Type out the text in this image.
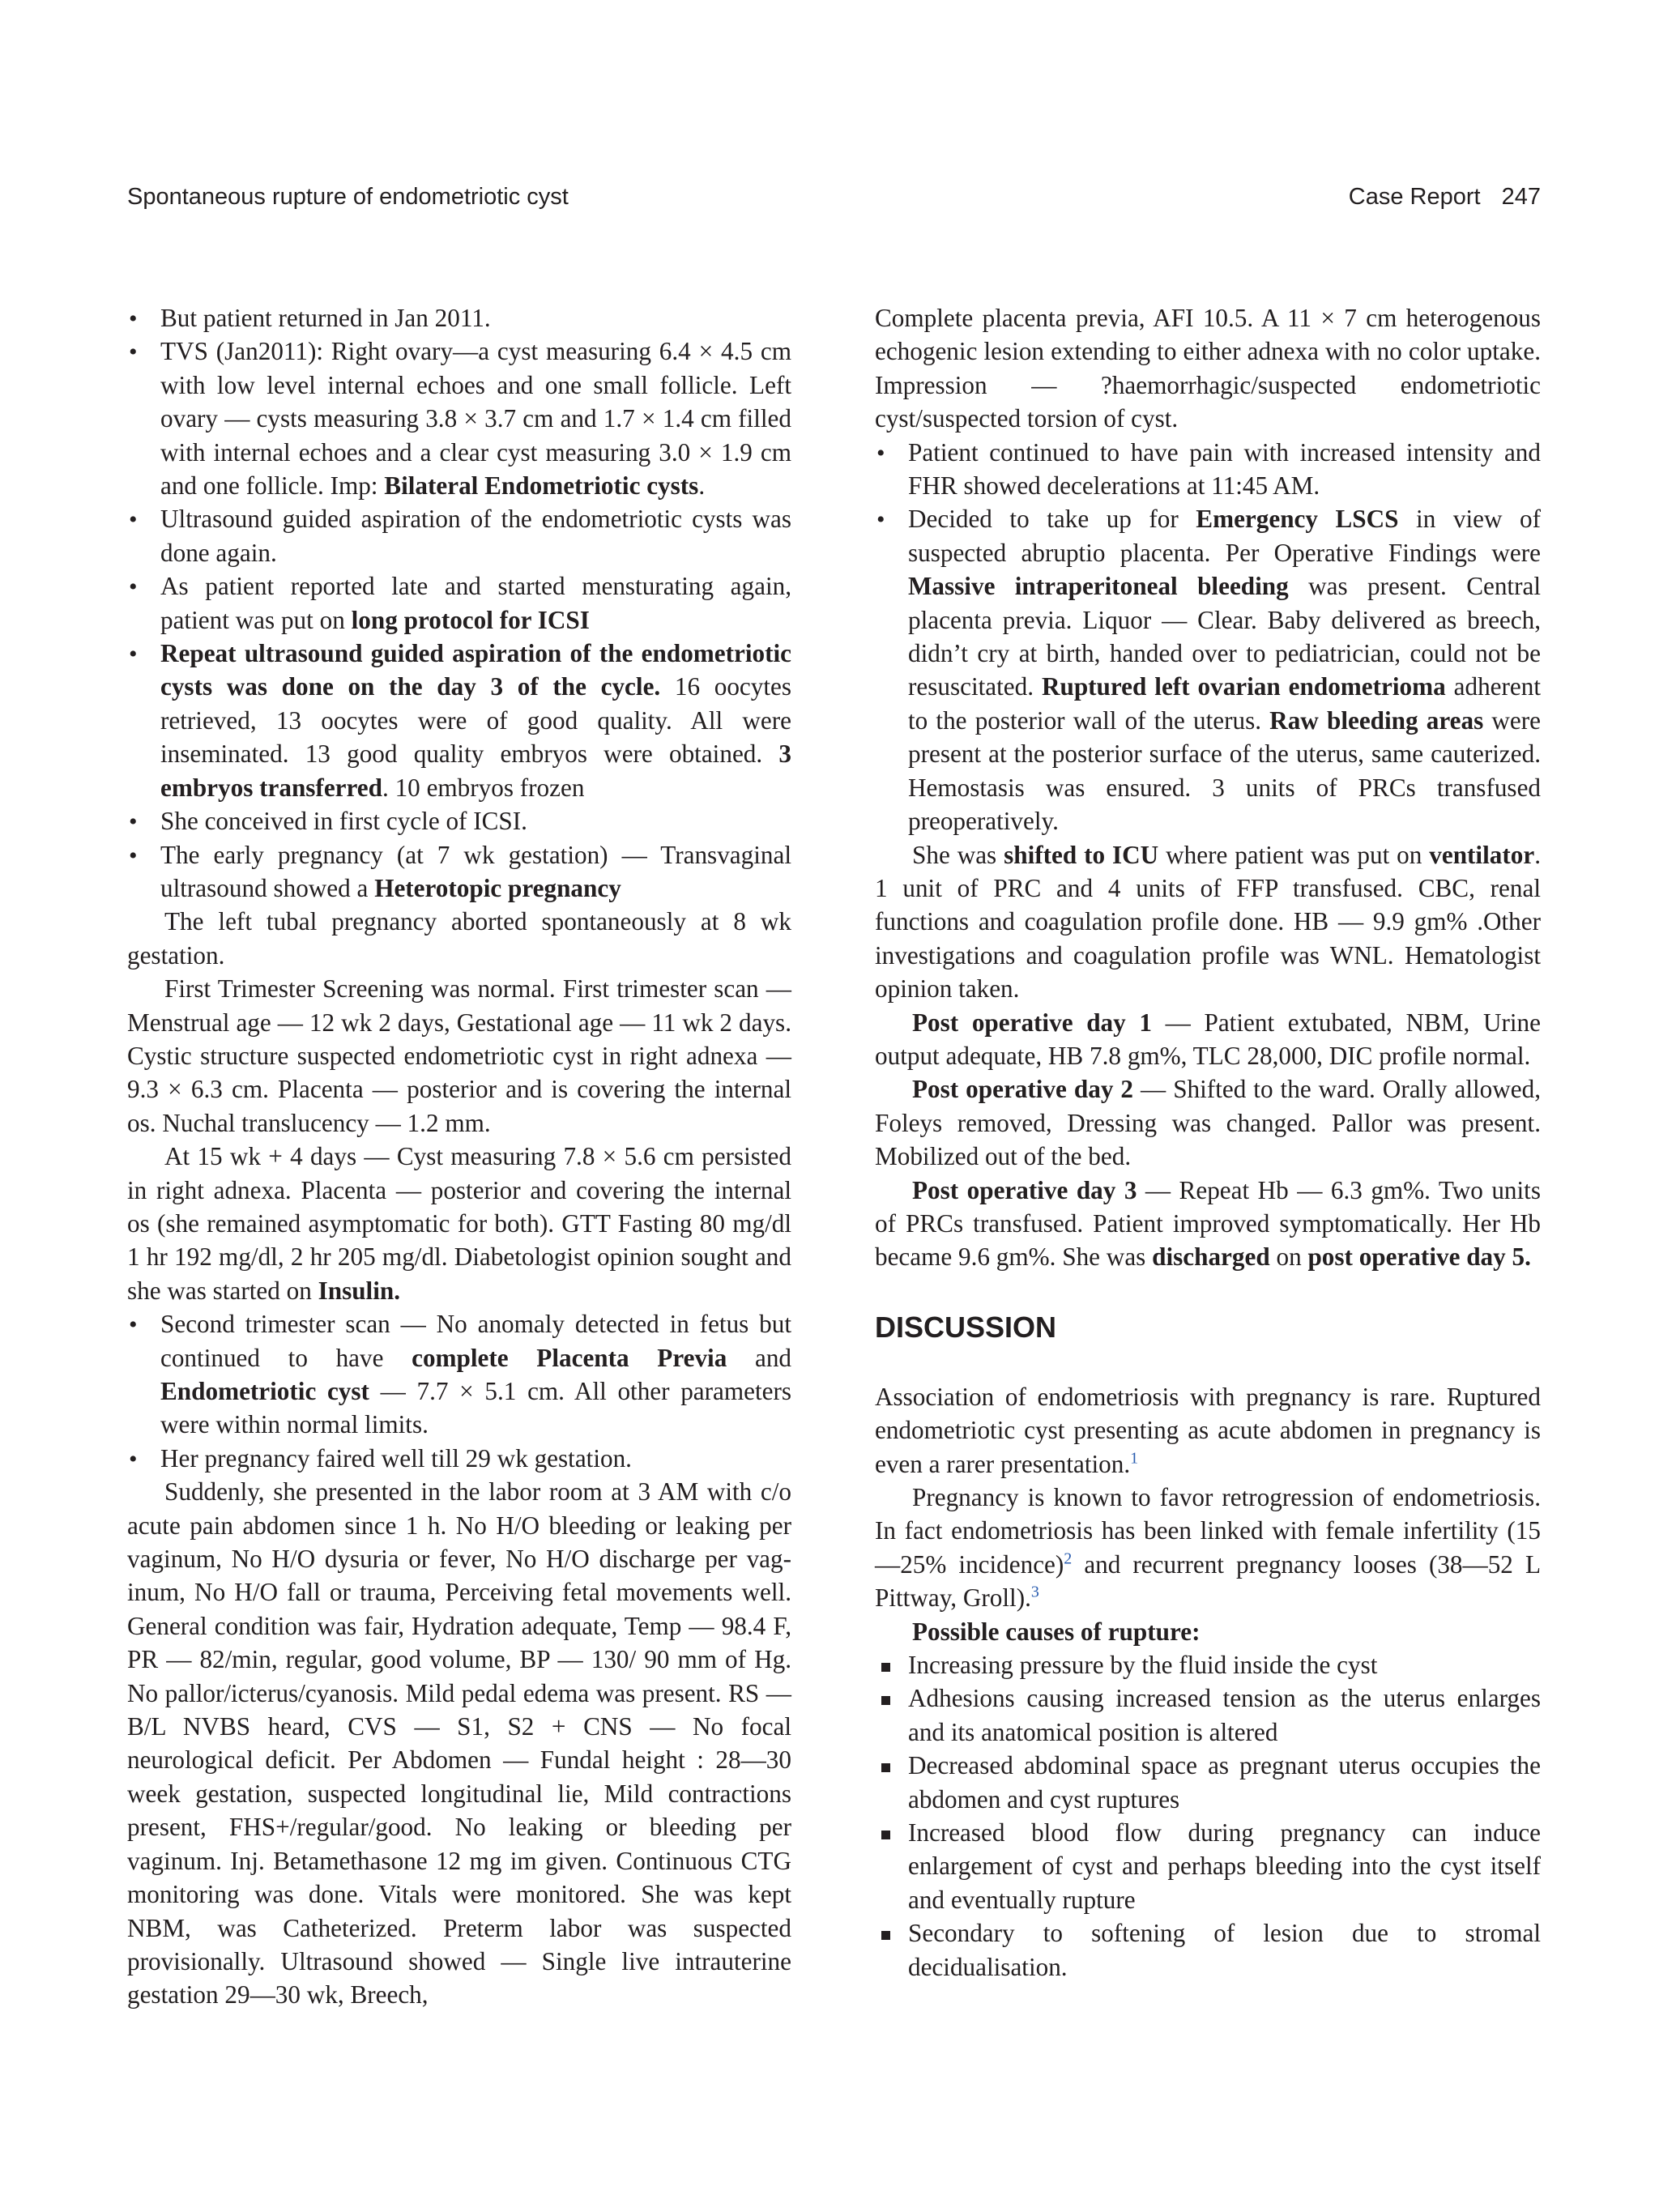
Spontaneous rupture of endometriotic cyst	Case Report 247
•
But patient returned in Jan 2011.
•
TVS (Jan2011): Right ovary—a cyst measuring 6.4 × 4.5 cm with low level internal echoes and one small follicle. Left ovary — cysts measuring 3.8 × 3.7 cm and 1.7 × 1.4 cm filled with internal echoes and a clear cyst measuring 3.0 × 1.9 cm and one follicle. Imp: Bilateral Endometriotic cysts.
•
Ultrasound guided aspiration of the endometriotic cysts was done again.
•
As patient reported late and started mensturating again, patient was put on long protocol for ICSI
•
Repeat ultrasound guided aspiration of the endometriotic cysts was done on the day 3 of the cycle. 16 oocytes retrieved, 13 oocytes were of good quality. All were inseminated. 13 good quality embryos were obtained. 3 embryos transferred. 10 embryos frozen
•
She conceived in first cycle of ICSI.
•
The early pregnancy (at 7 wk gestation) — Transvaginal ultrasound showed a Heterotopic pregnancy

The left tubal pregnancy aborted spontaneously at 8 wk gestation.

First Trimester Screening was normal. First trimester scan — Menstrual age — 12 wk 2 days, Gestational age — 11 wk 2 days. Cystic structure suspected endometriotic cyst in right adnexa —9.3 × 6.3 cm. Placenta — posterior and is covering the internal os. Nuchal translucency — 1.2 mm.

At 15 wk + 4 days — Cyst measuring 7.8 × 5.6 cm persisted in right adnexa. Placenta — posterior and covering the internal os (she remained asymptomatic for both). GTT Fasting 80 mg/dl 1 hr 192 mg/dl, 2 hr 205 mg/dl. Diabetologist opinion sought and she was started on Insulin.

•
Second trimester scan — No anomaly detected in fetus but continued to have complete Placenta Previa and Endometriotic cyst — 7.7 × 5.1 cm. All other parameters were within normal limits.
•
Her pregnancy faired well till 29 wk gestation.

Suddenly, she presented in the labor room at 3 AM with c/o acute pain abdomen since 1 h. No H/O bleeding or leaking per vaginum, No H/O dysuria or fever, No H/O discharge per vaginum, No H/O fall or trauma, Perceiving fetal movements well. General condition was fair, Hydration adequate, Temp — 98.4 F, PR — 82/min, regular, good volume, BP — 130/ 90 mm of Hg. No pallor/icterus/cyanosis. Mild pedal edema was present. RS — B/L NVBS heard, CVS — S1, S2 + CNS — No focal neurological deficit. Per Abdomen — Fundal height : 28—30 week gestation, suspected longitudinal lie, Mild contractions present, FHS+/regular/good. No leaking or bleeding per vaginum. Inj. Betamethasone 12 mg im given. Continuous CTG monitoring was done. Vitals were monitored. She was kept NBM, was Catheterized. Preterm labor was suspected provisionally. Ultrasound showed — Single live intrauterine gestation 29—30 wk, Breech,

Complete placenta previa, AFI 10.5. A 11 × 7 cm heterogenous echogenic lesion extending to either adnexa with no color uptake. Impression — ?haemorrhagic/suspected endometriotic cyst/suspected torsion of cyst.

•
Patient continued to have pain with increased intensity and FHR showed decelerations at 11:45 AM.
•
Decided to take up for Emergency LSCS in view of suspected abruptio placenta. Per Operative Findings were Massive intraperitoneal bleeding was present. Central placenta previa. Liquor — Clear. Baby delivered as breech, didn’t cry at birth, handed over to pediatrician, could not be resuscitated. Ruptured left ovarian endometrioma adherent to the posterior wall of the uterus. Raw bleeding areas were present at the posterior surface of the uterus, same cauterized. Hemostasis was ensured. 3 units of PRCs transfused preoperatively.

She was shifted to ICU where patient was put on ventilator. 1 unit of PRC and 4 units of FFP transfused. CBC, renal functions and coagulation profile done. HB — 9.9 gm% .Other investigations and coagulation profile was WNL. Hematologist opinion taken.

Post operative day 1 — Patient extubated, NBM, Urine output adequate, HB 7.8 gm%, TLC 28,000, DIC profile normal.

Post operative day 2 — Shifted to the ward. Orally allowed, Foleys removed, Dressing was changed. Pallor was present. Mobilized out of the bed.

Post operative day 3 — Repeat Hb — 6.3 gm%. Two units of PRCs transfused. Patient improved symptomatically. Her Hb became 9.6 gm%. She was discharged on post operative day 5.

DISCUSSION

Association of endometriosis with pregnancy is rare. Ruptured endometriotic cyst presenting as acute abdomen in pregnancy is even a rarer presentation.$^1$

Pregnancy is known to favor retrogression of endometriosis. In fact endometriosis has been linked with female infertility (15—25% incidence)$^2$ and recurrent pregnancy looses (38—52 L Pittway, Groll).$^3$

Possible causes of rupture:

Increasing pressure by the fluid inside the cyst
Adhesions causing increased tension as the uterus enlarges and its anatomical position is altered
Decreased abdominal space as pregnant uterus occupies the abdomen and cyst ruptures
Increased blood flow during pregnancy can induce enlargement of cyst and perhaps bleeding into the cyst itself and eventually rupture
Secondary to softening of lesion due to stromal decidualisation.
